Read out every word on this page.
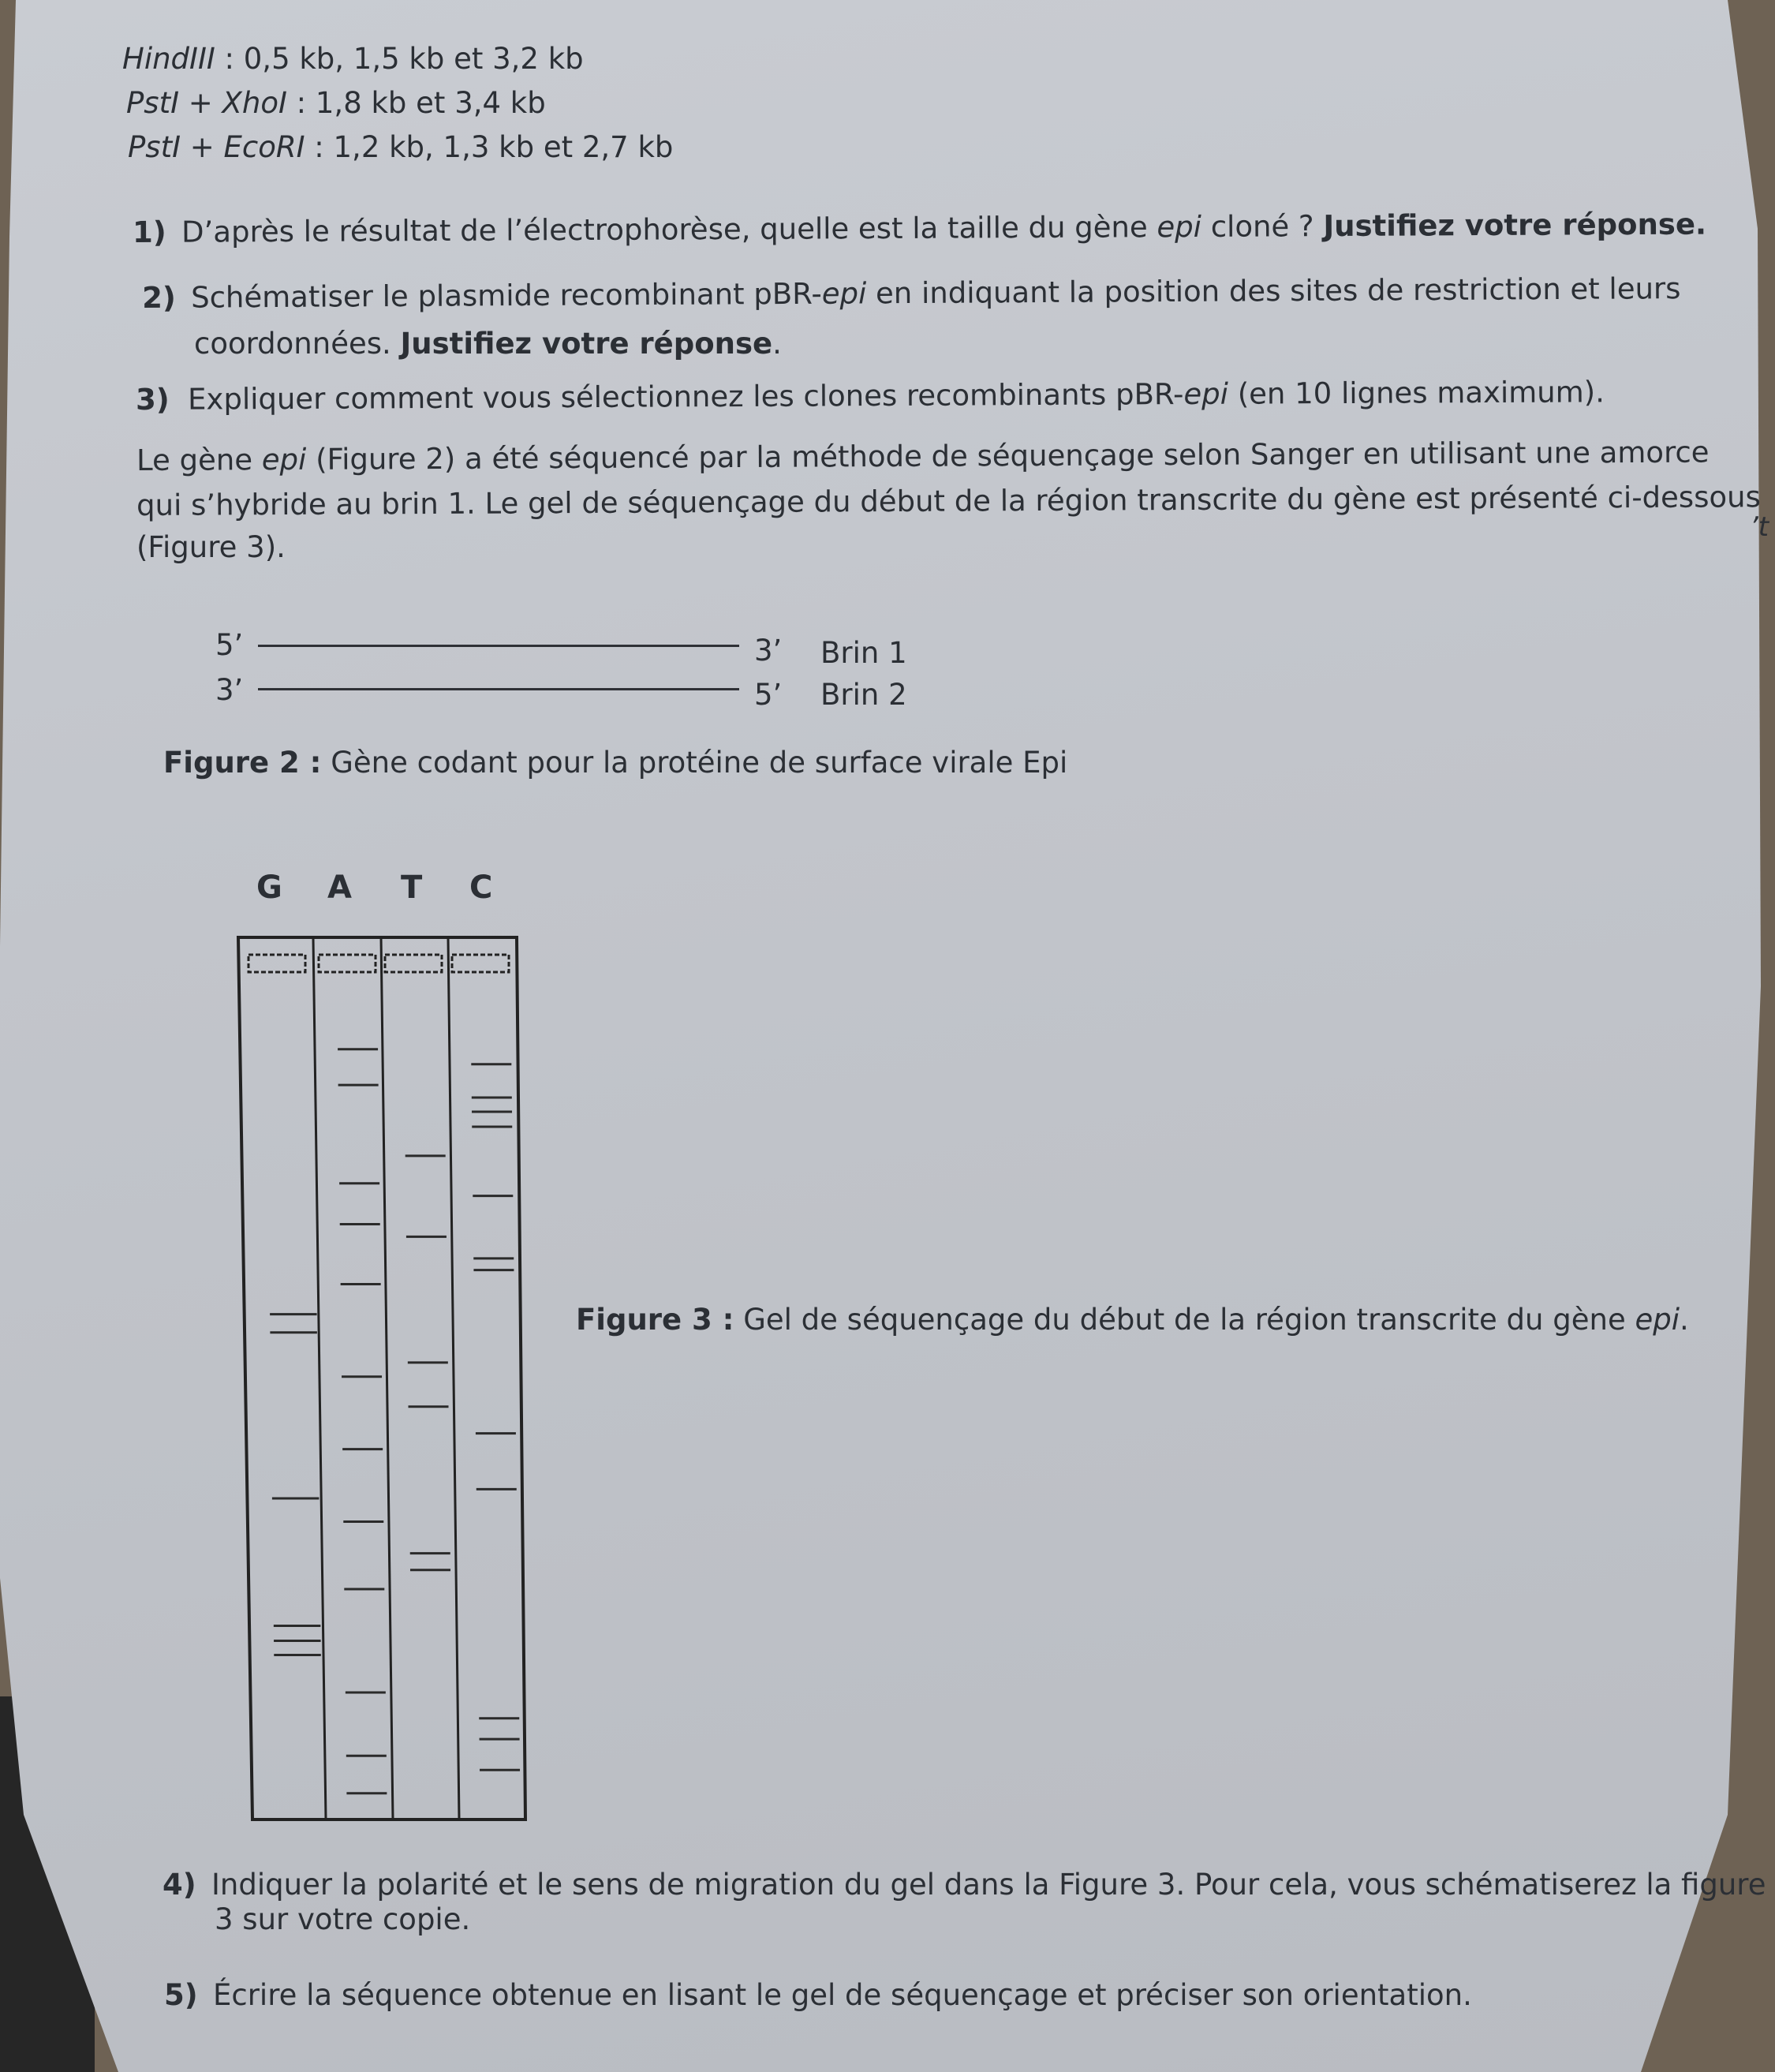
HindIII : 0,5 kb, 1,5 kb et 3,2 kb
PstI + XhoI : 1,8 kb et 3,4 kb
PstI + EcoRI : 1,2 kb, 1,3 kb et 2,7 kb
1) D’après le résultat de l’électrophorèse, quelle est la taille du gène epi cloné ? Justifiez votre réponse.
2) Schématiser le plasmide recombinant pBR-epi en indiquant la position des sites de restriction et leurs
coordonnées. Justifiez votre réponse.
3) Expliquer comment vous sélectionnez les clones recombinants pBR-epi (en 10 lignes maximum).
Le gène epi (Figure 2) a été séquencé par la méthode de séquençage selon Sanger en utilisant une amorce
qui s’hybride au brin 1. Le gel de séquençage du début de la région transcrite du gène est présenté ci-dessous
(Figure 3).
’t
5’	3’ Brin 1
3’	5’ Brin 2
Figure 2 : Gène codant pour la protéine de surface virale Epi
G A T C
Figure 3 : Gel de séquençage du début de la région transcrite du gène epi.
4) Indiquer la polarité et le sens de migration du gel dans la Figure 3. Pour cela, vous schématiserez la figure
3 sur votre copie.
5) Écrire la séquence obtenue en lisant le gel de séquençage et préciser son orientation.
